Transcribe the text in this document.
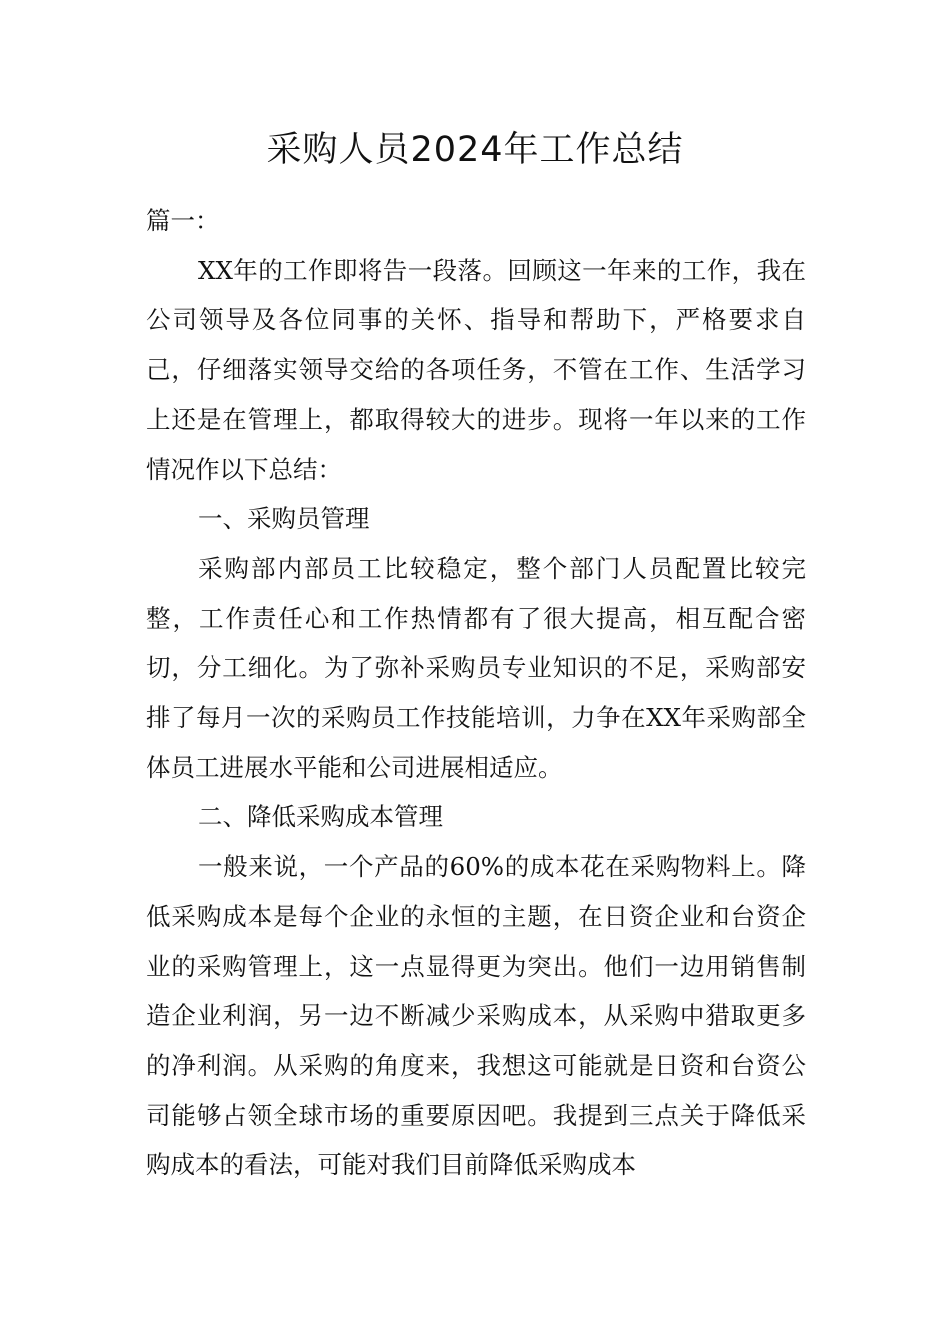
采购人员2024年工作总结

篇一：

XX年的工作即将告一段落。回顾这一年来的工作，我在公司领导及各位同事的关怀、指导和帮助下，严格要求自己，仔细落实领导交给的各项任务，不管在工作、生活学习上还是在管理上，都取得较大的进步。现将一年以来的工作情况作以下总结：

一、采购员管理

采购部内部员工比较稳定，整个部门人员配置比较完整，工作责任心和工作热情都有了很大提高，相互配合密切，分工细化。为了弥补采购员专业知识的不足，采购部安排了每月一次的采购员工作技能培训，力争在XX年采购部全体员工进展水平能和公司进展相适应。

二、降低采购成本管理

一般来说，一个产品的60%的成本花在采购物料上。降低采购成本是每个企业的永恒的主题，在日资企业和台资企业的采购管理上，这一点显得更为突出。他们一边用销售制造企业利润，另一边不断减少采购成本，从采购中猎取更多的净利润。从采购的角度来，我想这可能就是日资和台资公司能够占领全球市场的重要原因吧。我提到三点关于降低采购成本的看法，可能对我们目前降低采购成本
